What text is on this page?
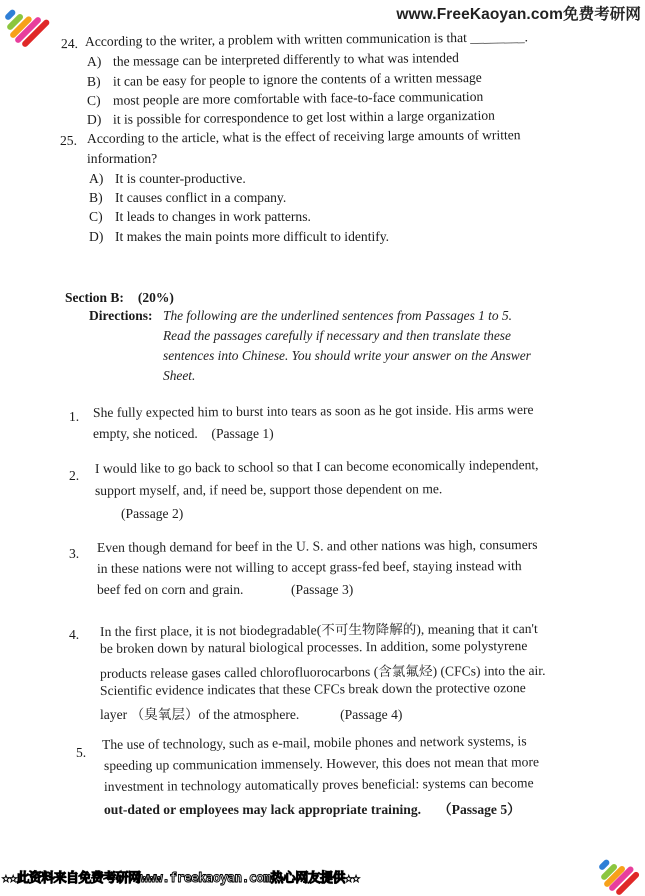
www.FreeKaoyan.com免费考研网
24. According to the writer, a problem with written communication is that ________.
A) the message can be interpreted differently to what was intended
B) it can be easy for people to ignore the contents of a written message
C) most people are more comfortable with face-to-face communication
D) it is possible for correspondence to get lost within a large organization
25. According to the article, what is the effect of receiving large amounts of written
information?
A) It is counter-productive.
B) It causes conflict in a company.
C) It leads to changes in work patterns.
D) It makes the main points more difficult to identify.
Section B: (20%)
Directions: The following are the underlined sentences from Passages 1 to 5.
Read the passages carefully if necessary and then translate these
sentences into Chinese. You should write your answer on the Answer
Sheet.
1. She fully expected him to burst into tears as soon as he got inside. His arms were
empty, she noticed.    (Passage 1)
2. I would like to go back to school so that I can become economically independent,
support myself, and, if need be, support those dependent on me.
(Passage 2)
3. Even though demand for beef in the U. S. and other nations was high, consumers
in these nations were not willing to accept grass-fed beef, staying instead with
beef fed on corn and grain.              (Passage 3)
4. In the first place, it is not biodegradable(不可生物降解的), meaning that it can't
be broken down by natural biological processes. In addition, some polystyrene
products release gases called chlorofluorocarbons (含氯氟烃) (CFCs) into the air.
Scientific evidence indicates that these CFCs break down the protective ozone
layer （臭氧层）of the atmosphere.            (Passage 4)
5.
The use of technology, such as e-mail, mobile phones and network systems, is
speeding up communication immensely. However, this does not mean that more
investment in technology automatically proves beneficial: systems can become
out-dated or employees may lack appropriate training.     （Passage 5）
★★此资料来自免费考研网www.freekaoyan.com热心网友提供★★
